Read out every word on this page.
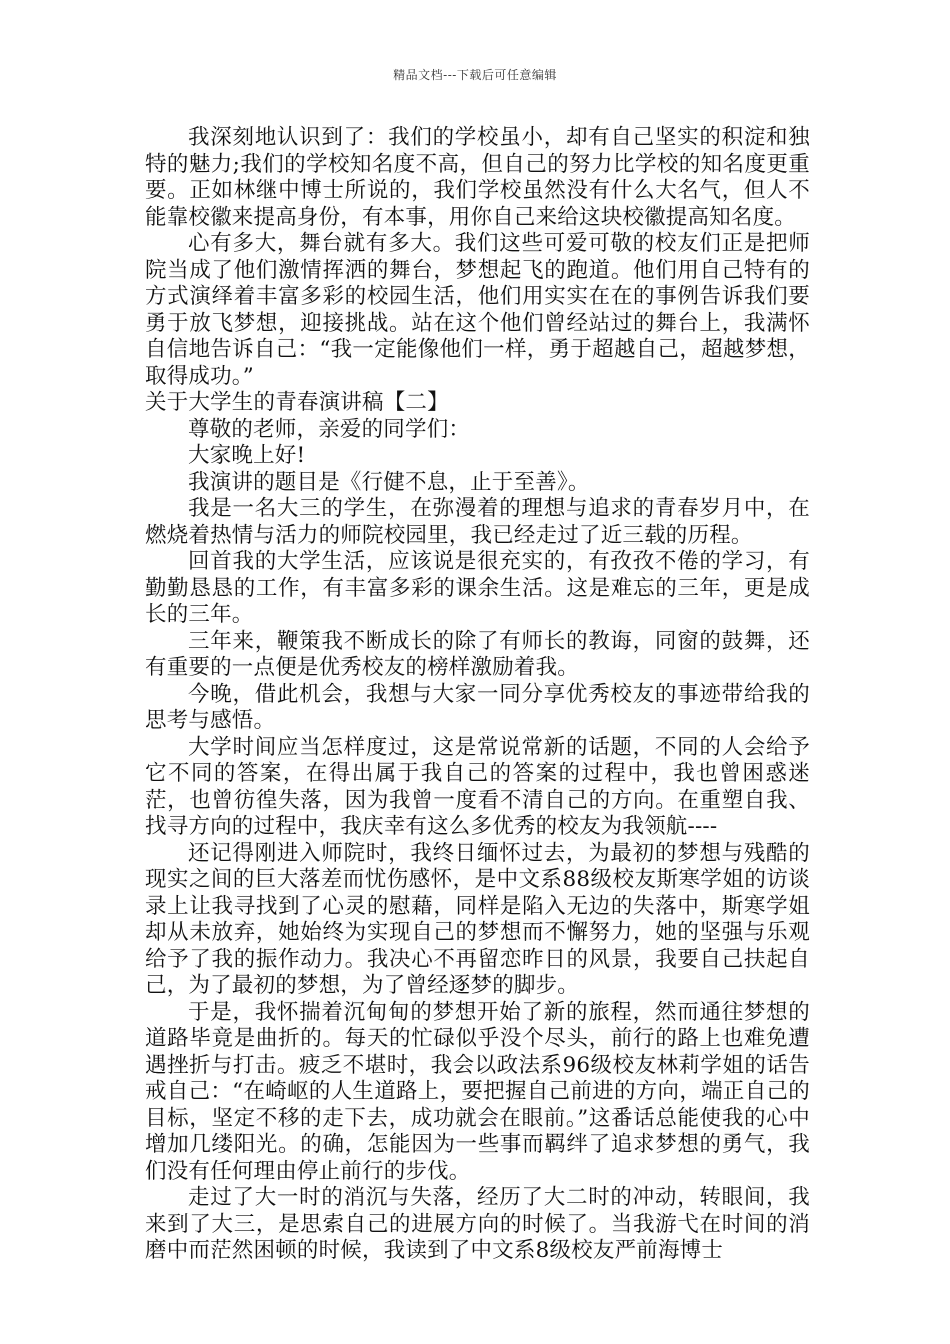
精品文档---下载后可任意编辑

我深刻地认识到了：我们的学校虽小，却有自己坚实的积淀和独特的魅力;我们的学校知名度不高，但自己的努力比学校的知名度更重要。正如林继中博士所说的，我们学校虽然没有什么大名气，但人不能靠校徽来提高身份，有本事，用你自己来给这块校徽提高知名度。

心有多大，舞台就有多大。我们这些可爱可敬的校友们正是把师院当成了他们激情挥洒的舞台，梦想起飞的跑道。他们用自己特有的方式演绎着丰富多彩的校园生活，他们用实实在在的事例告诉我们要勇于放飞梦想，迎接挑战。站在这个他们曾经站过的舞台上，我满怀自信地告诉自己：“我一定能像他们一样，勇于超越自己，超越梦想，取得成功。”

关于大学生的青春演讲稿【二】

尊敬的老师，亲爱的同学们：

大家晚上好!

我演讲的题目是《行健不息，止于至善》。

我是一名大三的学生，在弥漫着的理想与追求的青春岁月中，在燃烧着热情与活力的师院校园里，我已经走过了近三载的历程。

回首我的大学生活，应该说是很充实的，有孜孜不倦的学习，有勤勤恳恳的工作，有丰富多彩的课余生活。这是难忘的三年，更是成长的三年。

三年来，鞭策我不断成长的除了有师长的教诲，同窗的鼓舞，还有重要的一点便是优秀校友的榜样激励着我。

今晚，借此机会，我想与大家一同分享优秀校友的事迹带给我的思考与感悟。

大学时间应当怎样度过，这是常说常新的话题，不同的人会给予它不同的答案，在得出属于我自己的答案的过程中，我也曾困惑迷茫，也曾彷徨失落，因为我曾一度看不清自己的方向。在重塑自我、找寻方向的过程中，我庆幸有这么多优秀的校友为我领航----

还记得刚进入师院时，我终日缅怀过去，为最初的梦想与残酷的现实之间的巨大落差而忧伤感怀，是中文系88级校友斯寒学姐的访谈录上让我寻找到了心灵的慰藉，同样是陷入无边的失落中，斯寒学姐却从未放弃，她始终为实现自己的梦想而不懈努力，她的坚强与乐观给予了我的振作动力。我决心不再留恋昨日的风景，我要自己扶起自己，为了最初的梦想，为了曾经逐梦的脚步。

于是，我怀揣着沉甸甸的梦想开始了新的旅程，然而通往梦想的道路毕竟是曲折的。每天的忙碌似乎没个尽头，前行的路上也难免遭遇挫折与打击。疲乏不堪时，我会以政法系96级校友林莉学姐的话告戒自己：“在崎岖的人生道路上，要把握自己前进的方向，端正自己的目标，坚定不移的走下去，成功就会在眼前。”这番话总能使我的心中增加几缕阳光。的确，怎能因为一些事而羁绊了追求梦想的勇气，我们没有任何理由停止前行的步伐。

走过了大一时的消沉与失落，经历了大二时的冲动，转眼间，我来到了大三，是思索自己的进展方向的时候了。当我游弋在时间的消磨中而茫然困顿的时候，我读到了中文系8级校友严前海博士
